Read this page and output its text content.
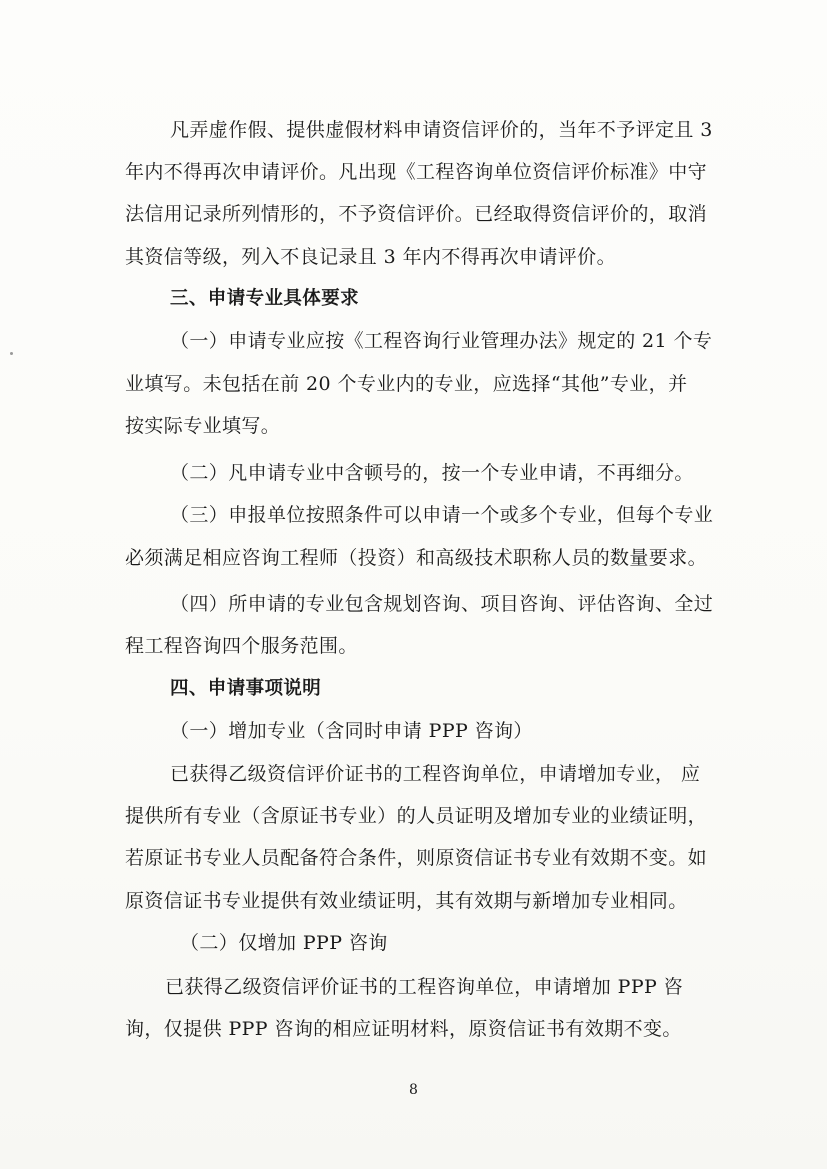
凡弄虚作假、提供虚假材料申请资信评价的，当年不予评定且 3
年内不得再次申请评价。凡出现《工程咨询单位资信评价标准》中守
法信用记录所列情形的，不予资信评价。已经取得资信评价的，取消
其资信等级，列入不良记录且 3 年内不得再次申请评价。
三、申请专业具体要求
（一）申请专业应按《工程咨询行业管理办法》规定的 21 个专
业填写。未包括在前 20 个专业内的专业，应选择“其他”专业，并
按实际专业填写。
（二）凡申请专业中含顿号的，按一个专业申请，不再细分。
（三）申报单位按照条件可以申请一个或多个专业，但每个专业
必须满足相应咨询工程师（投资）和高级技术职称人员的数量要求。
（四）所申请的专业包含规划咨询、项目咨询、评估咨询、全过
程工程咨询四个服务范围。
四、申请事项说明
（一）增加专业（含同时申请 PPP 咨询）
已获得乙级资信评价证书的工程咨询单位，申请增加专业， 应
提供所有专业（含原证书专业）的人员证明及增加专业的业绩证明，
若原证书专业人员配备符合条件，则原资信证书专业有效期不变。如
原资信证书专业提供有效业绩证明，其有效期与新增加专业相同。
（二）仅增加 PPP 咨询
已获得乙级资信评价证书的工程咨询单位，申请增加 PPP 咨
询，仅提供 PPP 咨询的相应证明材料，原资信证书有效期不变。
8
